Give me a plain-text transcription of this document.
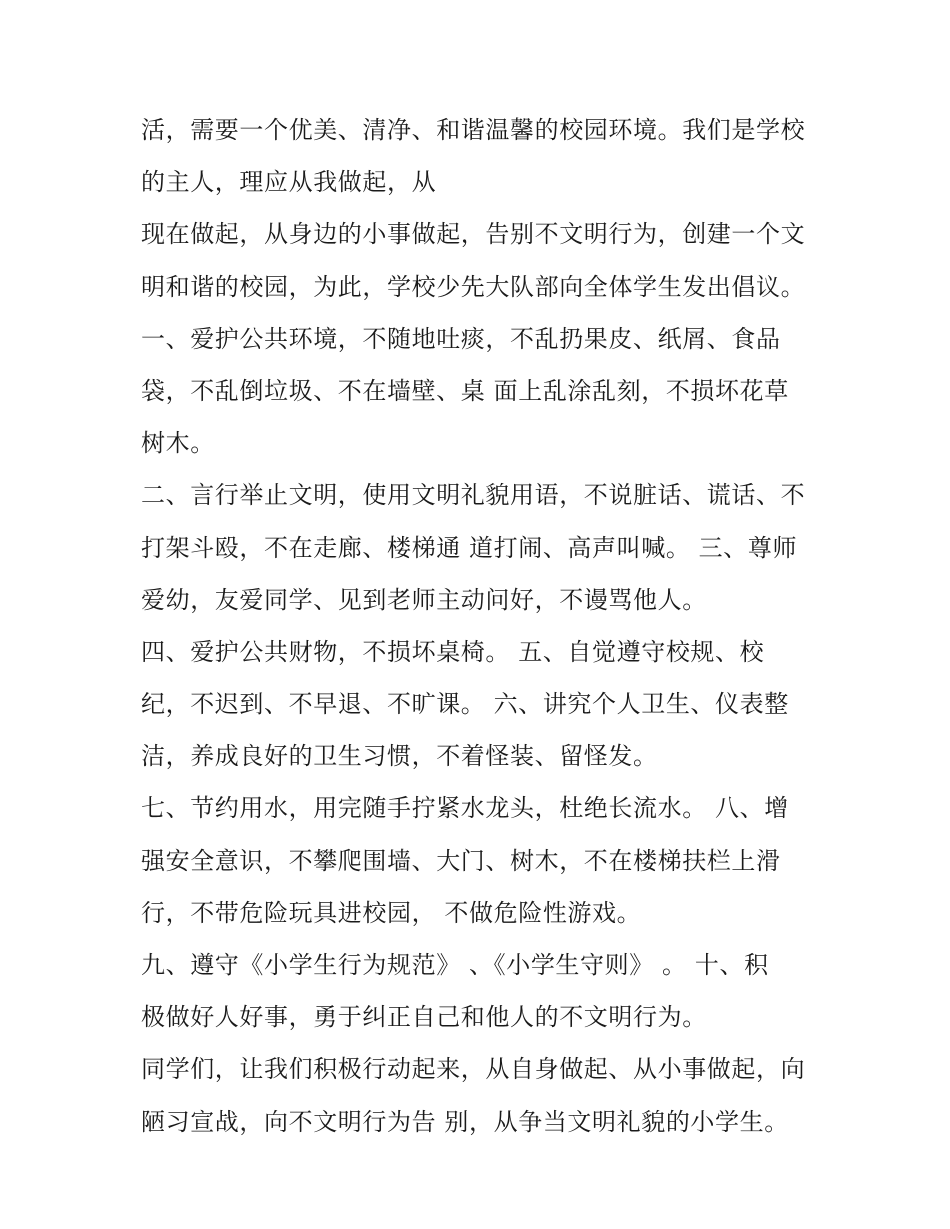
活，需要一个优美、清净、和谐温馨的校园环境。我们是学校
的主人，理应从我做起，从
现在做起，从身边的小事做起，告别不文明行为，创建一个文
明和谐的校园，为此，学校少先大队部向全体学生发出倡议。
一、爱护公共环境，不随地吐痰，不乱扔果皮、纸屑、食品
袋，不乱倒垃圾、不在墙壁、桌 面上乱涂乱刻，不损坏花草
树木。
二、言行举止文明，使用文明礼貌用语，不说脏话、谎话、不
打架斗殴，不在走廊、楼梯通 道打闹、高声叫喊。 三、尊师
爱幼，友爱同学、见到老师主动问好，不谩骂他人。
四、爱护公共财物，不损坏桌椅。 五、自觉遵守校规、校
纪，不迟到、不早退、不旷课。 六、讲究个人卫生、仪表整
洁，养成良好的卫生习惯，不着怪装、留怪发。
七、节约用水，用完随手拧紧水龙头，杜绝长流水。 八、增
强安全意识，不攀爬围墙、大门、树木，不在楼梯扶栏上滑
行，不带危险玩具进校园， 不做危险性游戏。
九、遵守《小学生行为规范》 、《小学生守则》 。 十、积
极做好人好事，勇于纠正自己和他人的不文明行为。
同学们，让我们积极行动起来，从自身做起、从小事做起，向
陋习宣战，向不文明行为告 别，从争当文明礼貌的小学生。
